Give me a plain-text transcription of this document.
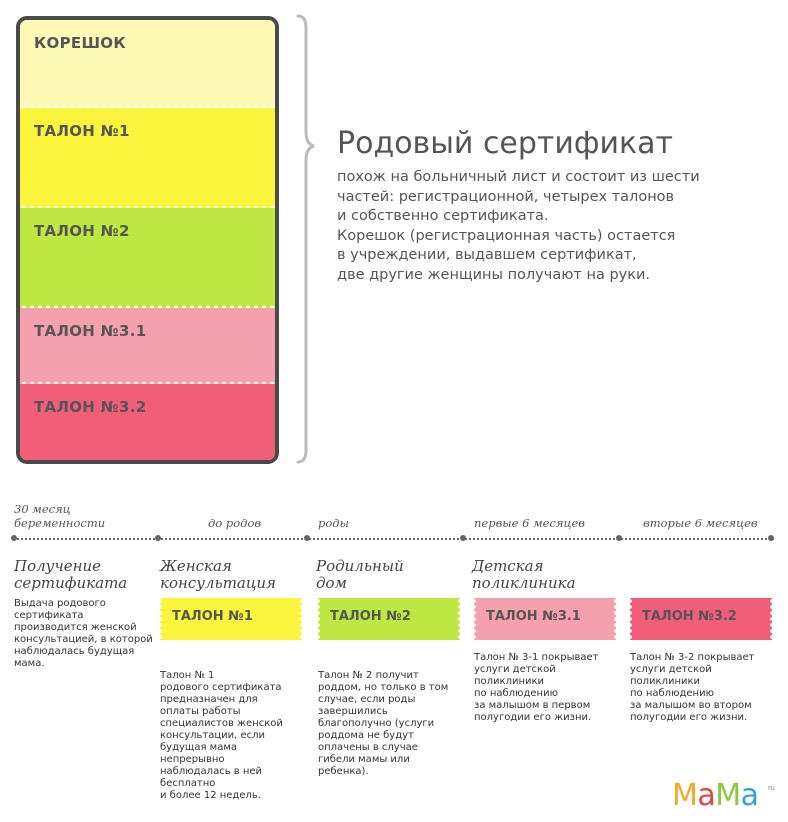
КОРЕШОК
ТАЛОН №1
ТАЛОН №2
ТАЛОН №3.1
ТАЛОН №3.2
Родовый сертификат
похож на больничный лист и состоит из шести
частей: регистрационной, четырех талонов
и собственно сертификата.
Корешок (регистрационная часть) остается
в учреждении, выдавшем сертификат,
две другие женщины получают на руки.
30 месяц
беременности	до родов	роды	первые 6 месяцев	вторые 6 месяцев
Получение
сертификата
Выдача родового
сертификата
производится женской
консультацией, в которой
наблюдалась будущая
мама.
Женская
консультация
ТАЛОН №1
Талон № 1
родового сертификата
предназначен для
оплаты работы
специалистов женской
консультации, если
будущая мама
непрерывно
наблюдалась в ней
бесплатно
и более 12 недель.
Родильный
дом
ТАЛОН №2
Талон № 2 получит
роддом, но только в том
случае, если роды
завершились
благополучно (услуги
роддома не будут
оплачены в случае
гибели мамы или
ребенка).
Детская
поликлиника
ТАЛОН №3.1
Талон № 3-1 покрывает
услуги детской
поликлиники
по наблюдению
за малышом в первом
полугодии его жизни.
ТАЛОН №3.2
Талон № 3-2 покрывает
услуги детской
поликлиники
по наблюдению
за малышом во втором
полугодии его жизни.
МаМа ru
